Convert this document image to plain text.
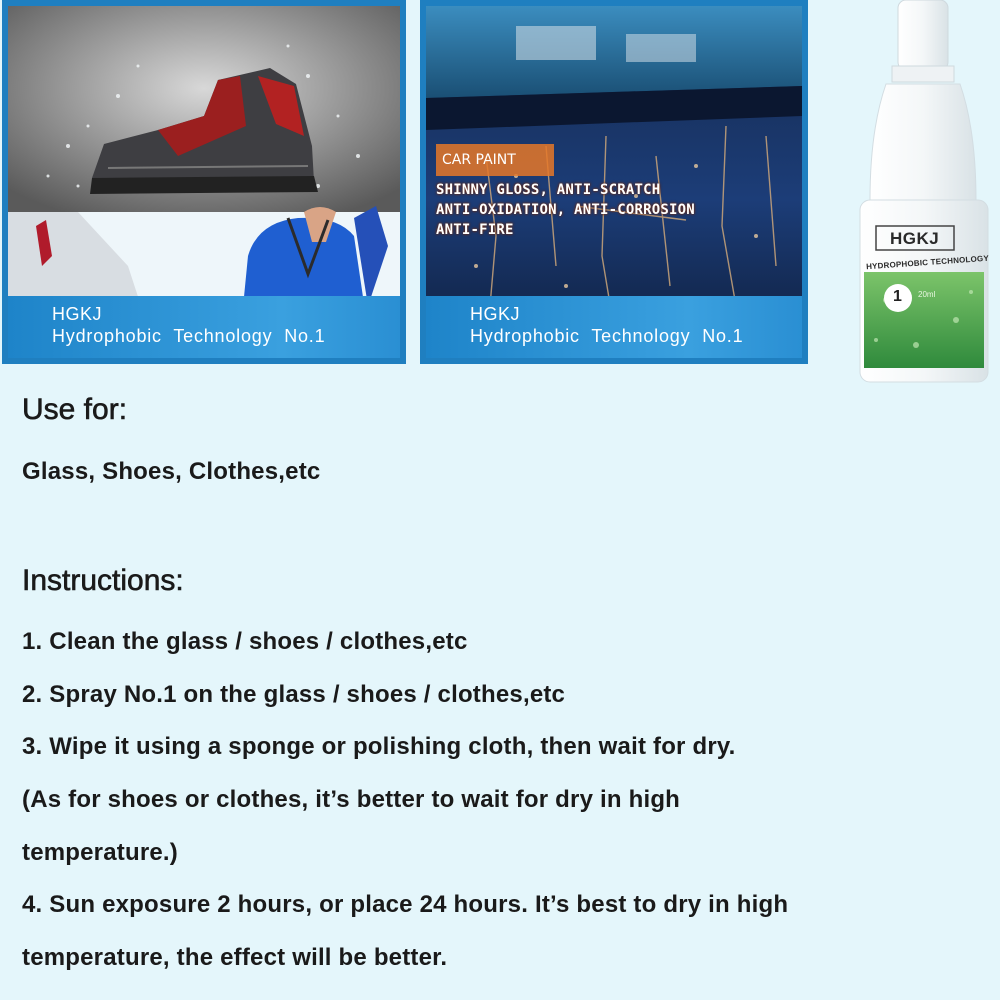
HGKJ
Hydrophobic Technology No.1
CAR PAINT
SHINNY GLOSS, ANTI-SCRATCH
ANTI-OXIDATION, ANTI-CORROSION
ANTI-FIRE
HGKJ
Hydrophobic Technology No.1
HGKJ
HYDROPHOBIC TECHNOLOGY
1 20ml
Use for:
Glass, Shoes, Clothes,etc
Instructions:
1. Clean the glass / shoes / clothes,etc
2. Spray No.1 on the glass / shoes / clothes,etc
3. Wipe it using a sponge or polishing cloth, then wait for dry.
(As for shoes or clothes, it’s better to wait for dry in high
temperature.)
4. Sun exposure 2 hours, or place 24 hours. It’s best to dry in high
temperature, the effect will be better.
